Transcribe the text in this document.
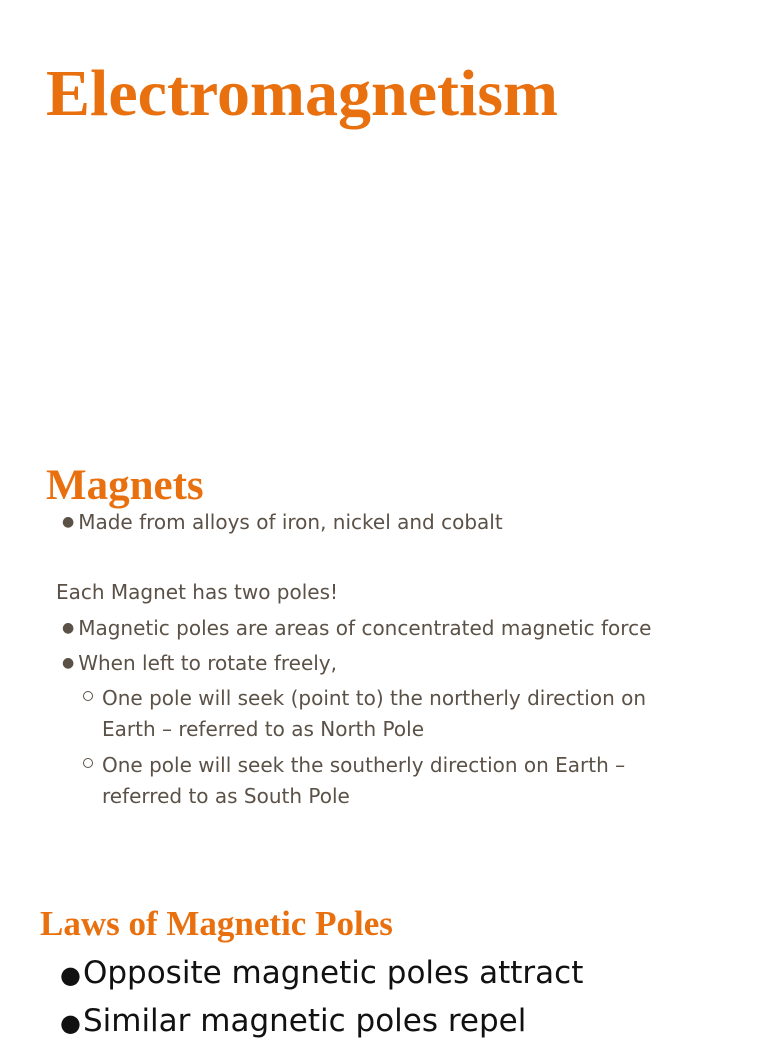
Electromagnetism
Magnets
● Made from alloys of iron, nickel and cobalt
Each Magnet has two poles!
● Magnetic poles are areas of concentrated magnetic force
● When left to rotate freely,
One pole will seek (point to) the northerly direction on
Earth – referred to as North Pole
One pole will seek the southerly direction on Earth –
referred to as South Pole
Laws of Magnetic Poles
●Opposite magnetic poles attract
●Similar magnetic poles repel
